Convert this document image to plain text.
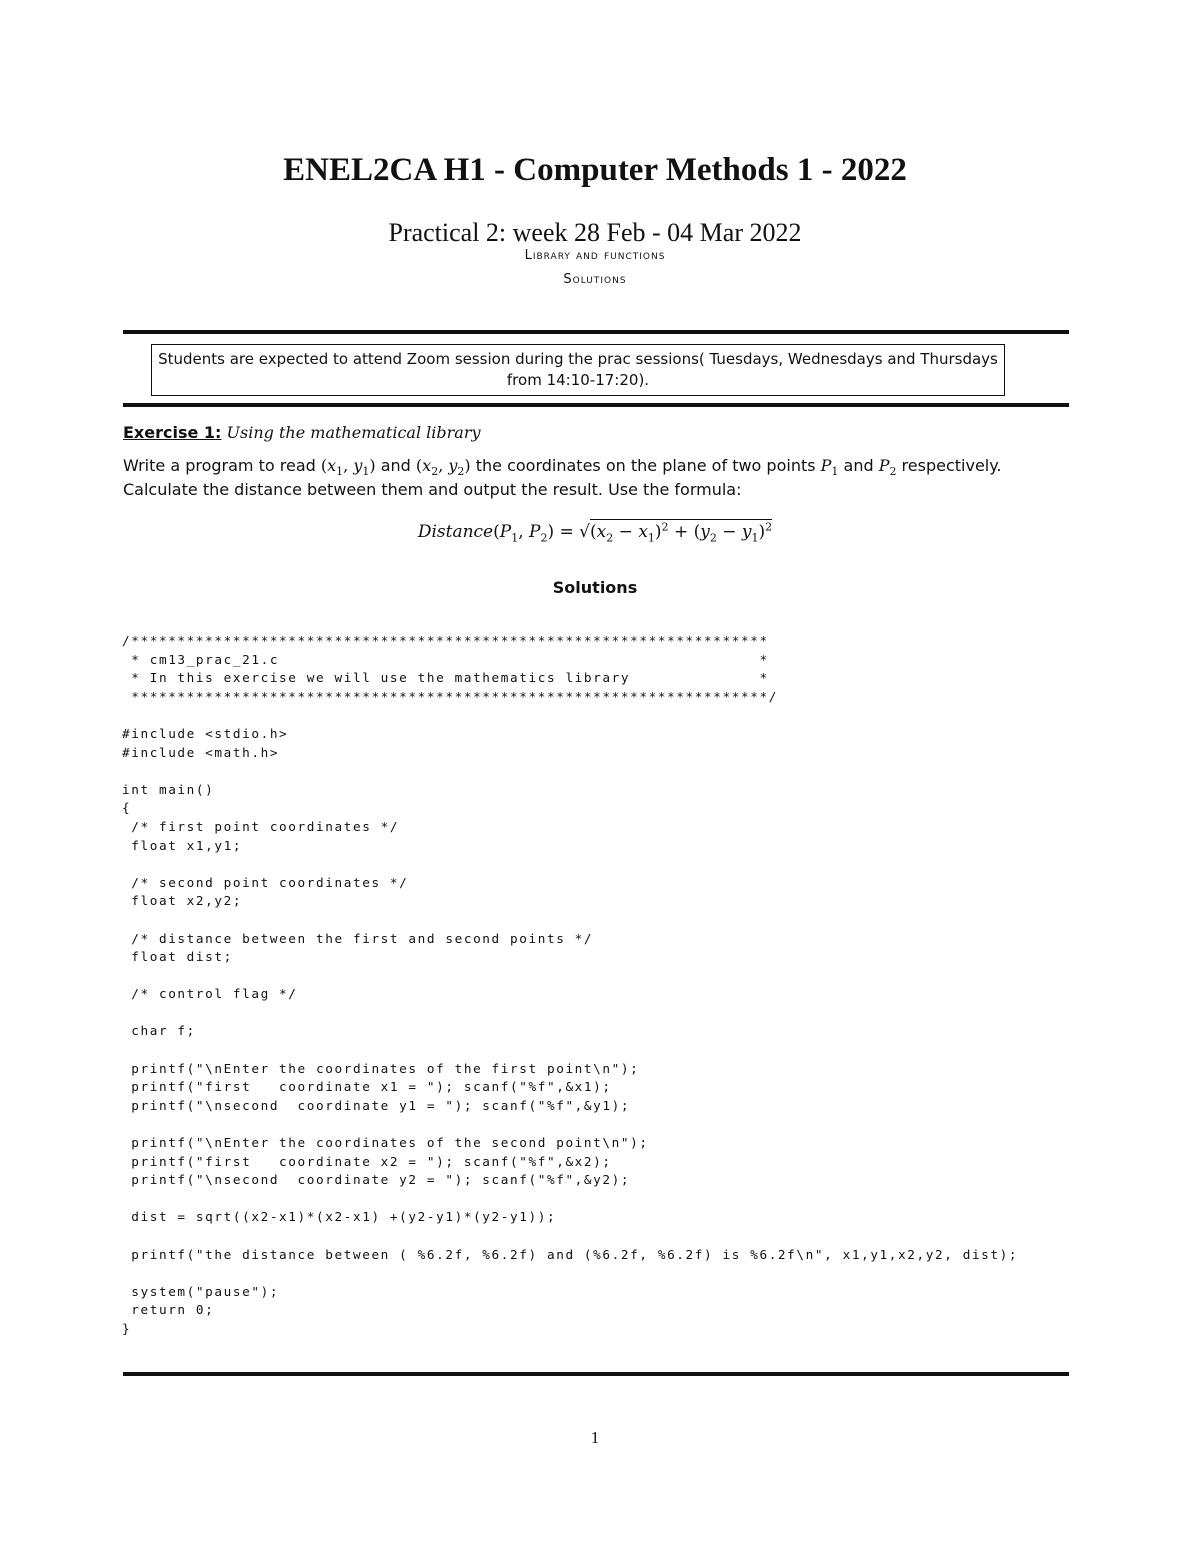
ENEL2CA H1 - Computer Methods 1 - 2022
Practical 2: week 28 Feb - 04 Mar 2022
Library and functions
Solutions
Students are expected to attend Zoom session during the prac sessions( Tuesdays, Wednesdays and Thursdays from 14:10-17:20).
Exercise 1: Using the mathematical library
Write a program to read ($x_1$, $y_1$) and ($x_2$, $y_2$) the coordinates on the plane of two points $P_1$ and $P_2$ respectively. Calculate the distance between them and output the result. Use the formula:
$Distance(P_1$, $P_2) = √(x_2 - x_1)^2 + (y_2 - y_1)^2$
Solutions
/*********************************************************************
* cm13_prac_21.c                                                    *
* In this exercise we will use the mathematics library              *
*********************************************************************/

#include <stdio.h>
#include <math.h>

int main()
{
/* first point coordinates */
float x1,y1;

/* second point coordinates */
float x2,y2;

/* distance between the first and second points */
float dist;

/* control flag */

char f;

printf("\nEnter the coordinates of the first point\n");
printf("first   coordinate x1 = "); scanf("%f",&x1);
printf("\nsecond  coordinate y1 = "); scanf("%f",&y1);

printf("\nEnter the coordinates of the second point\n");
printf("first   coordinate x2 = "); scanf("%f",&x2);
printf("\nsecond  coordinate y2 = "); scanf("%f",&y2);

dist = sqrt((x2-x1)*(x2-x1) +(y2-y1)*(y2-y1));

printf("the distance between ( %6.2f, %6.2f) and (%6.2f, %6.2f) is %6.2f\n", x1,y1,x2,y2, dist);

system("pause");
return 0;
}
1
